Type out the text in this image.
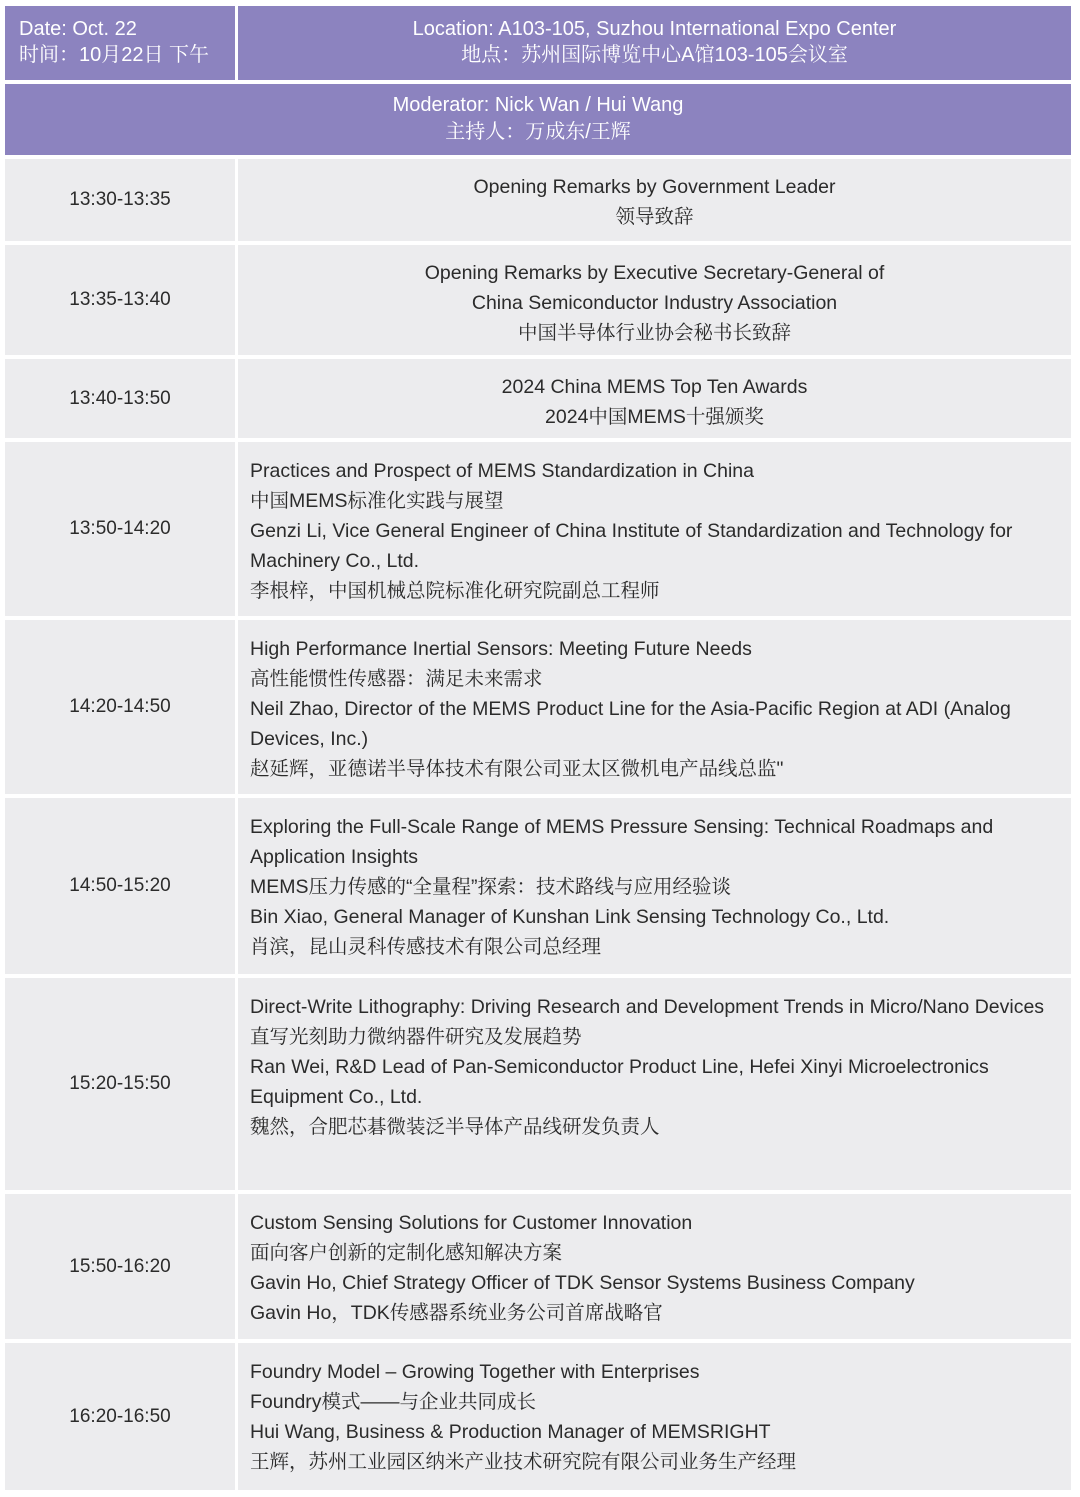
Date: Oct. 22
时间：10月22日 下午
Location: A103-105, Suzhou International Expo Center
地点：苏州国际博览中心A馆103-105会议室
Moderator: Nick Wan / Hui Wang
主持人：万成东/王辉
13:30-13:35
Opening Remarks by Government Leader
领导致辞
13:35-13:40
Opening Remarks by Executive Secretary-General of
China Semiconductor Industry Association
中国半导体行业协会秘书长致辞
13:40-13:50	2024 China MEMS Top Ten Awards
2024中国MEMS十强颁奖
13:50-14:20
Practices and Prospect of MEMS Standardization in China
中国MEMS标准化实践与展望
Genzi Li, Vice General Engineer of China Institute of Standardization and Technology for Machinery Co., Ltd.
李根梓，中国机械总院标准化研究院副总工程师
14:20-14:50
High Performance Inertial Sensors: Meeting Future Needs
高性能惯性传感器：满足未来需求
Neil Zhao, Director of the MEMS Product Line for the Asia-Pacific Region at ADI (Analog Devices, Inc.)
赵延辉，亚德诺半导体技术有限公司亚太区微机电产品线总监"
14:50-15:20
Exploring the Full-Scale Range of MEMS Pressure Sensing: Technical Roadmaps and Application Insights
MEMS压力传感的“全量程”探索：技术路线与应用经验谈
Bin Xiao, General Manager of Kunshan Link Sensing Technology Co., Ltd.
肖滨，昆山灵科传感技术有限公司总经理
15:20-15:50
Direct-Write Lithography: Driving Research and Development Trends in Micro/Nano Devices
直写光刻助力微纳器件研究及发展趋势
Ran Wei, R&D Lead of Pan-Semiconductor Product Line, Hefei Xinyi Microelectronics Equipment Co., Ltd.
魏然，合肥芯碁微装泛半导体产品线研发负责人
15:50-16:20
Custom Sensing Solutions for Customer Innovation
面向客户创新的定制化感知解决方案
Gavin Ho, Chief Strategy Officer of TDK Sensor Systems Business Company
Gavin Ho，TDK传感器系统业务公司首席战略官
16:20-16:50
Foundry Model – Growing Together with Enterprises
Foundry模式——与企业共同成长
Hui Wang, Business & Production Manager of MEMSRIGHT
王辉，苏州工业园区纳米产业技术研究院有限公司业务生产经理
